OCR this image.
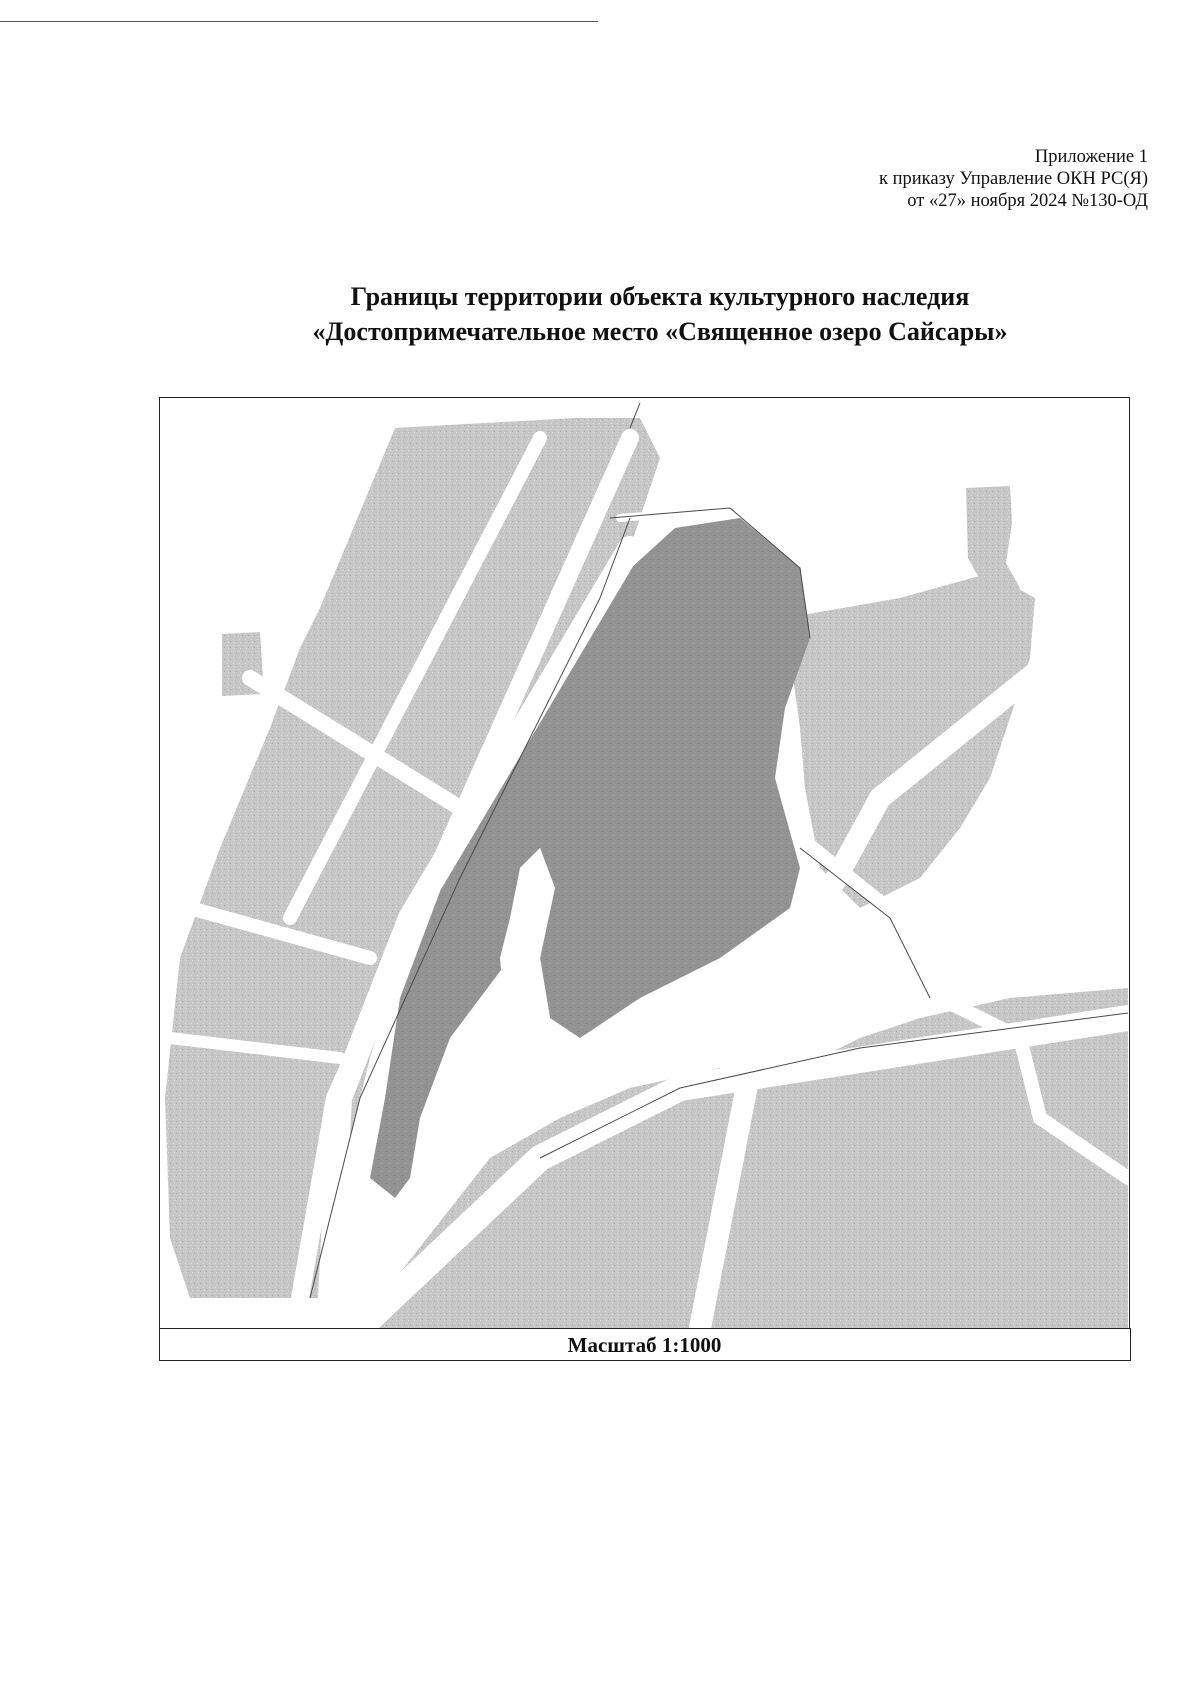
Приложение 1
к приказу Управление ОКН РС(Я)
от «27» ноября 2024 №130-ОД
Границы территории объекта культурного наследия
«Достопримечательное место «Священное озеро Сайсары»
Масштаб 1:1000
